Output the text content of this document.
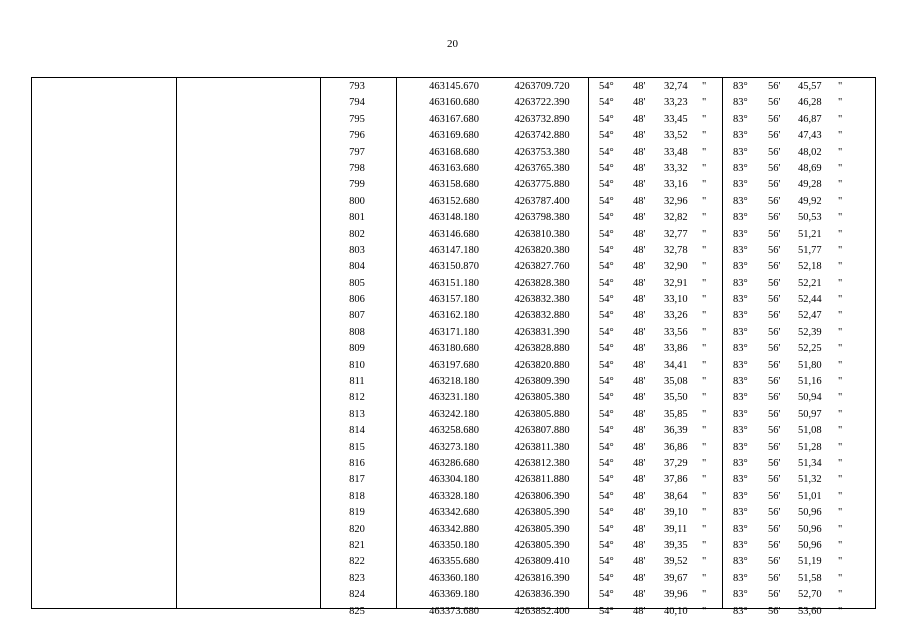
20
793	463145.670	4263709.720	54° 48' 32,74 "	83° 56' 45,57 "
794	463160.680	4263722.390	54° 48' 33,23 "	83° 56' 46,28 "
795	463167.680	4263732.890	54° 48' 33,45 "	83° 56' 46,87 "
796	463169.680	4263742.880	54° 48' 33,52 "	83° 56' 47,43 "
797	463168.680	4263753.380	54° 48' 33,48 "	83° 56' 48,02 "
798	463163.680	4263765.380	54° 48' 33,32 "	83° 56' 48,69 "
799	463158.680	4263775.880	54° 48' 33,16 "	83° 56' 49,28 "
800	463152.680	4263787.400	54° 48' 32,96 "	83° 56' 49,92 "
801	463148.180	4263798.380	54° 48' 32,82 "	83° 56' 50,53 "
802	463146.680	4263810.380	54° 48' 32,77 "	83° 56' 51,21 "
803	463147.180	4263820.380	54° 48' 32,78 "	83° 56' 51,77 "
804	463150.870	4263827.760	54° 48' 32,90 "	83° 56' 52,18 "
805	463151.180	4263828.380	54° 48' 32,91 "	83° 56' 52,21 "
806	463157.180	4263832.380	54° 48' 33,10 "	83° 56' 52,44 "
807	463162.180	4263832.880	54° 48' 33,26 "	83° 56' 52,47 "
808	463171.180	4263831.390	54° 48' 33,56 "	83° 56' 52,39 "
809	463180.680	4263828.880	54° 48' 33,86 "	83° 56' 52,25 "
810	463197.680	4263820.880	54° 48' 34,41 "	83° 56' 51,80 "
811	463218.180	4263809.390	54° 48' 35,08 "	83° 56' 51,16 "
812	463231.180	4263805.380	54° 48' 35,50 "	83° 56' 50,94 "
813	463242.180	4263805.880	54° 48' 35,85 "	83° 56' 50,97 "
814	463258.680	4263807.880	54° 48' 36,39 "	83° 56' 51,08 "
815	463273.180	4263811.380	54° 48' 36,86 "	83° 56' 51,28 "
816	463286.680	4263812.380	54° 48' 37,29 "	83° 56' 51,34 "
817	463304.180	4263811.880	54° 48' 37,86 "	83° 56' 51,32 "
818	463328.180	4263806.390	54° 48' 38,64 "	83° 56' 51,01 "
819	463342.680	4263805.390	54° 48' 39,10 "	83° 56' 50,96 "
820	463342.880	4263805.390	54° 48' 39,11 "	83° 56' 50,96 "
821	463350.180	4263805.390	54° 48' 39,35 "	83° 56' 50,96 "
822	463355.680	4263809.410	54° 48' 39,52 "	83° 56' 51,19 "
823	463360.180	4263816.390	54° 48' 39,67 "	83° 56' 51,58 "
824	463369.180	4263836.390	54° 48' 39,96 "	83° 56' 52,70 "
825	463373.680	4263852.400	54° 48' 40,10 "	83° 56' 53,60 "
